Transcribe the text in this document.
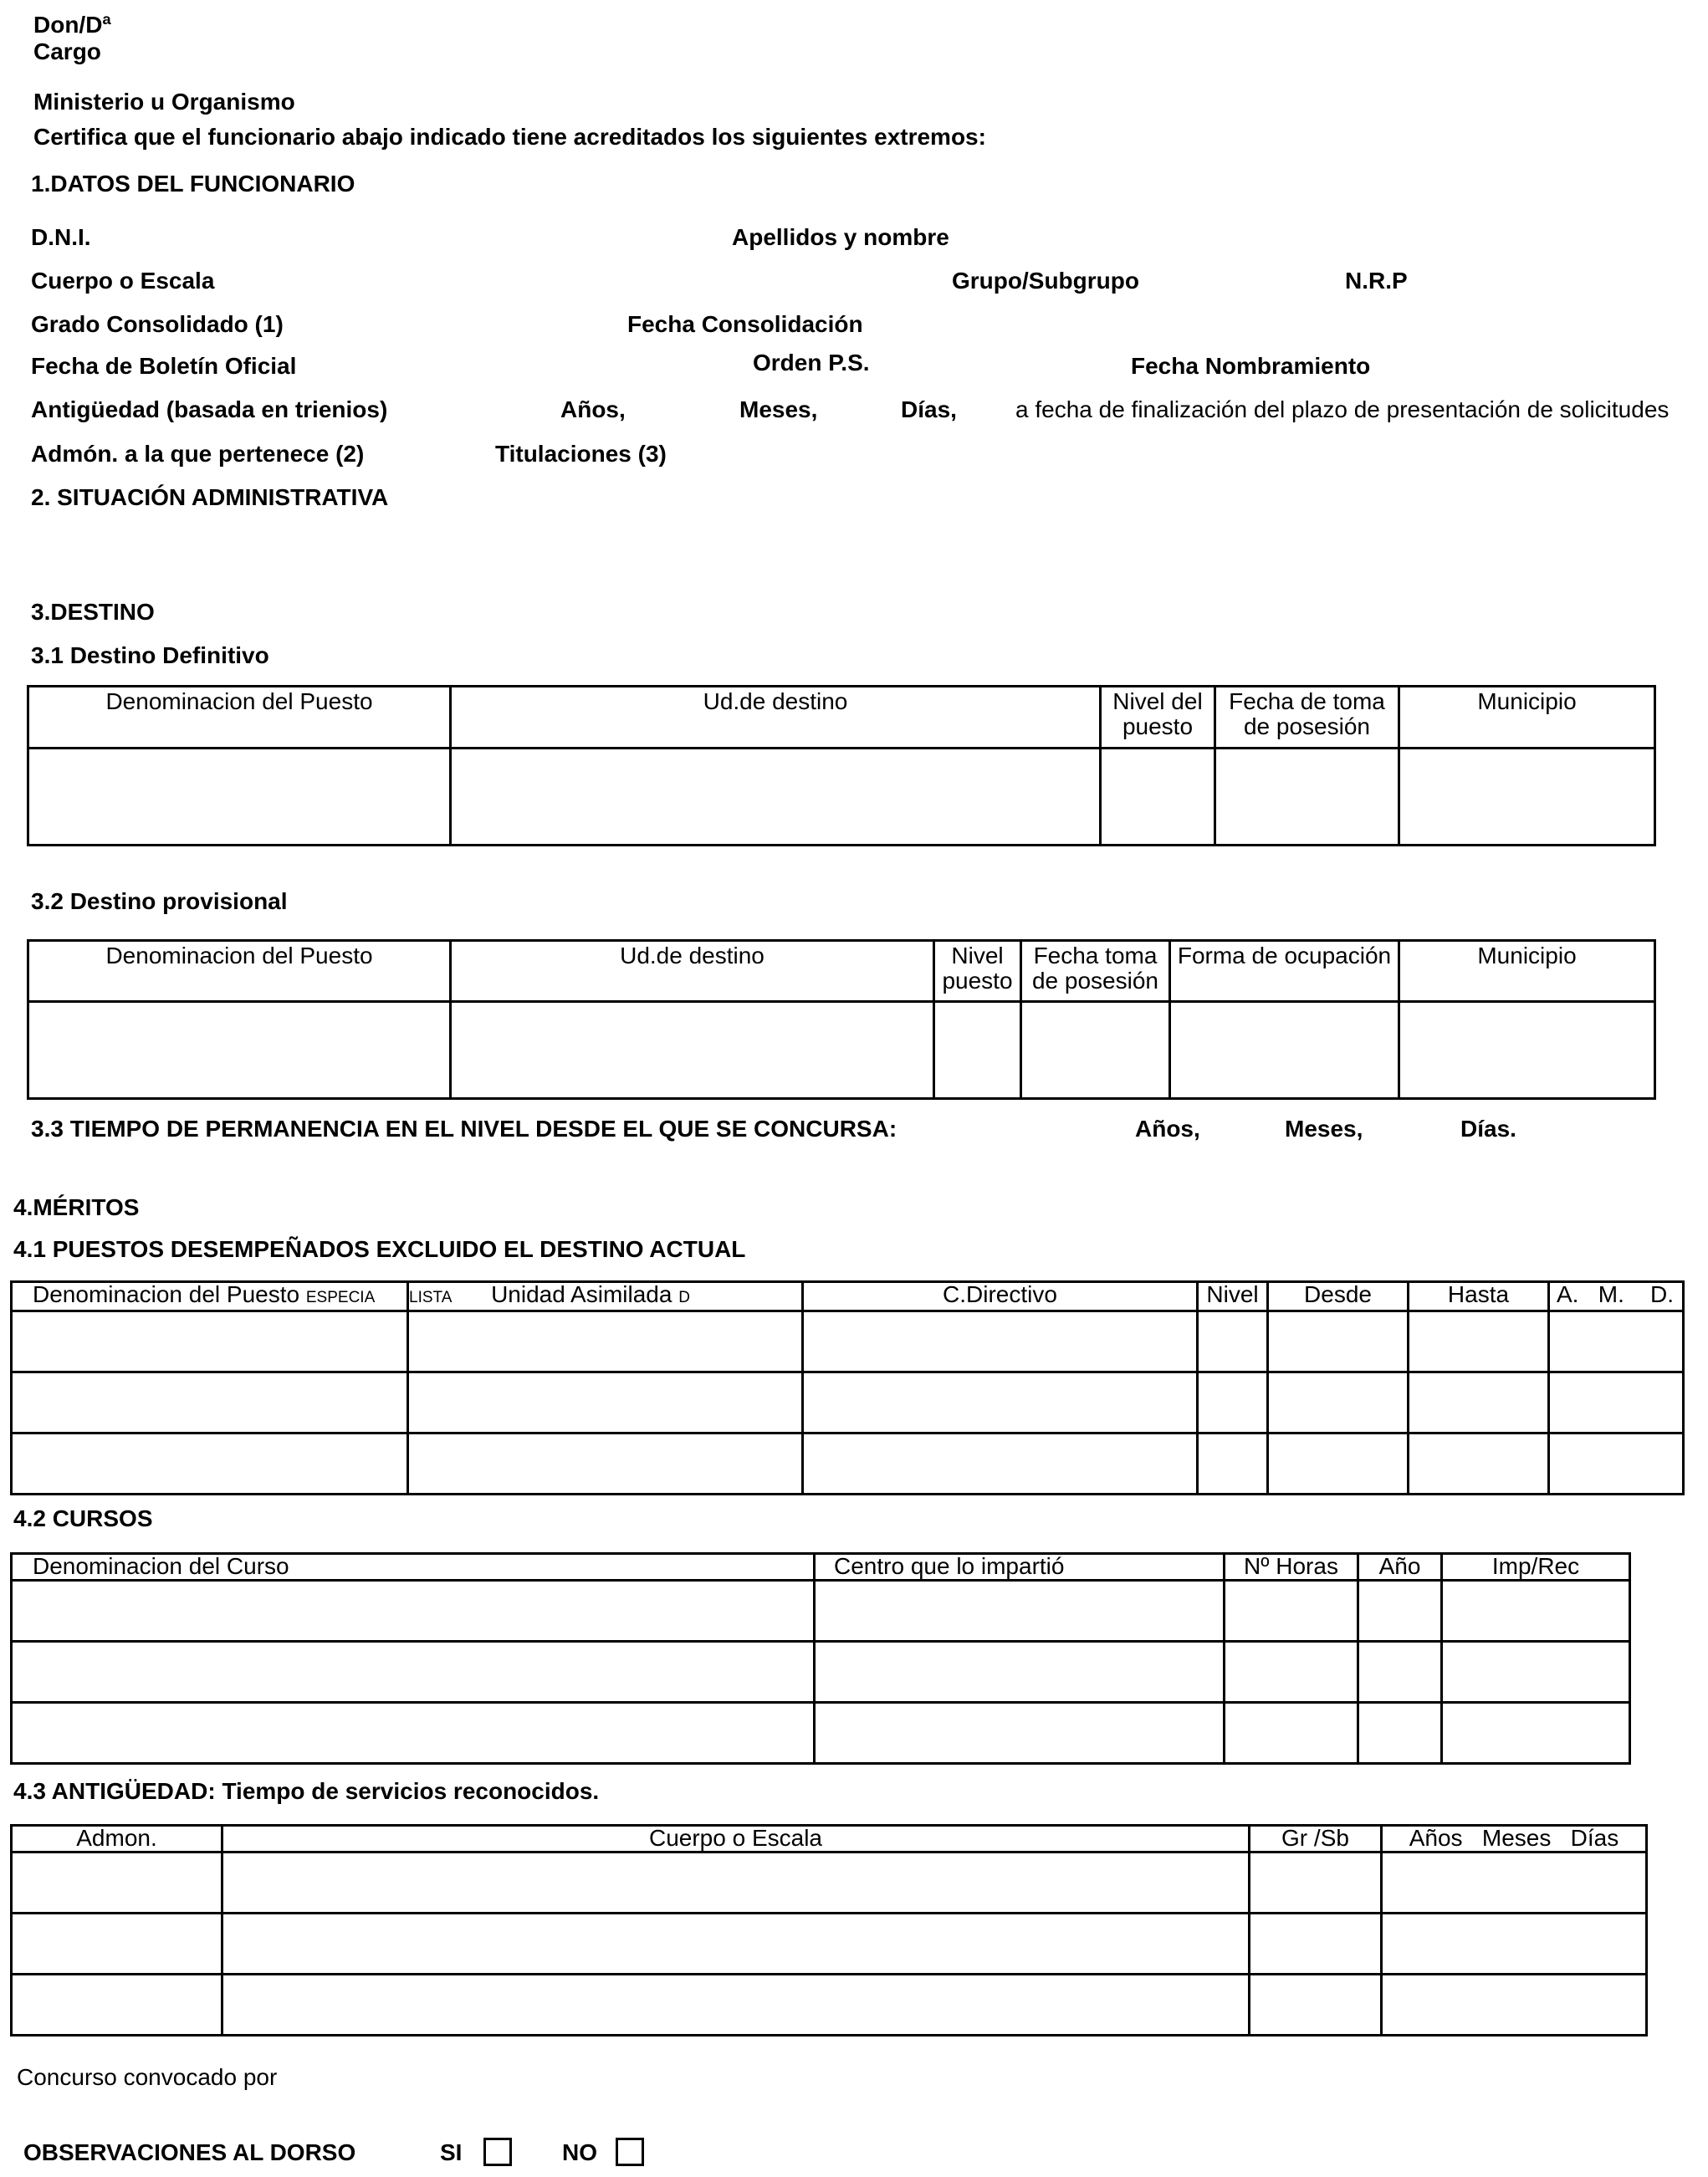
Don/Dª
Cargo
Ministerio u Organismo
Certifica que el funcionario abajo indicado tiene acreditados los siguientes extremos:
1.DATOS DEL FUNCIONARIO
D.N.I.	Apellidos y nombre
Cuerpo o Escala	Grupo/Subgrupo	N.R.P
Grado Consolidado (1)	Fecha Consolidación
Fecha de Boletín Oficial	Orden P.S.	Fecha Nombramiento
Antigüedad (basada en trienios)	Años,	Meses,	Días,	a fecha de finalización del plazo de presentación de solicitudes
Admón. a la que pertenece (2)	Titulaciones (3)
2. SITUACIÓN ADMINISTRATIVA
3.DESTINO
3.1 Destino Definitivo
Denominacion del Puesto	Ud.de destino	Nivel del puesto	Fecha de toma de posesión	Municipio

3.2 Destino provisional
Denominacion del Puesto	Ud.de destino	Nivel puesto	Fecha toma de posesión	Forma de ocupación	Municipio

3.3 TIEMPO DE PERMANENCIA EN EL NIVEL DESDE EL QUE SE CONCURSA:	Años,	Meses,	Días.
4.MÉRITOS
4.1 PUESTOS DESEMPEÑADOS EXCLUIDO EL DESTINO ACTUAL
Denominacion del Puesto ESPECIA	LISTA Unidad Asimilada D	C.Directivo	Nivel	Desde	Hasta	A.   M.    D.

4.2 CURSOS
Denominacion del Curso	Centro que lo impartió	Nº Horas	Año	Imp/Rec

4.3 ANTIGÜEDAD: Tiempo de servicios reconocidos.
Admon.	Cuerpo o Escala	Gr /Sb	Años   Meses   Días

Concurso convocado por
OBSERVACIONES AL DORSO	SI	NO
